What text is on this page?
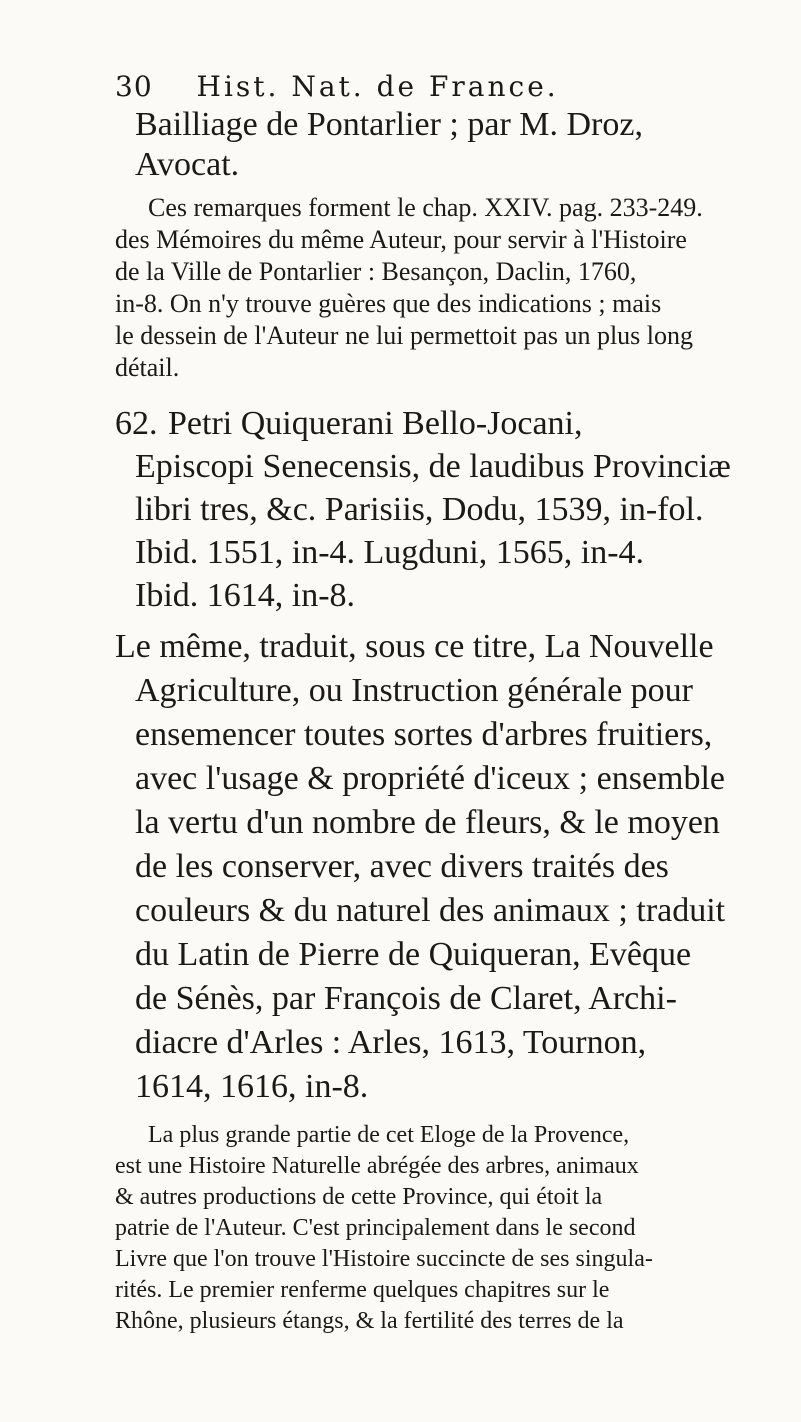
30 Hist. Nat. de France.
Bailliage de Pontarlier ; par M. Droz,
Avocat.
Ces remarques forment le chap. XXIV. pag. 233-249.
des Mémoires du même Auteur, pour servir à l'Histoire
de la Ville de Pontarlier : Besançon, Daclin, 1760,
in-8. On n'y trouve guères que des indications ; mais
le dessein de l'Auteur ne lui permettoit pas un plus long
détail.
62. Petri Quiquerani Bello-Jocani,
Episcopi Senecensis, de laudibus Provinciæ
libri tres, &c. Parisiis, Dodu, 1539, in-fol.
Ibid. 1551, in-4. Lugduni, 1565, in-4.
Ibid. 1614, in-8.
Le même, traduit, sous ce titre, La Nouvelle
Agriculture, ou Instruction générale pour
ensemencer toutes sortes d'arbres fruitiers,
avec l'usage & propriété d'iceux ; ensemble
la vertu d'un nombre de fleurs, & le moyen
de les conserver, avec divers traités des
couleurs & du naturel des animaux ; traduit
du Latin de Pierre de Quiqueran, Evêque
de Sénès, par François de Claret, Archi-
diacre d'Arles : Arles, 1613, Tournon,
1614, 1616, in-8.
La plus grande partie de cet Eloge de la Provence,
est une Histoire Naturelle abrégée des arbres, animaux
& autres productions de cette Province, qui étoit la
patrie de l'Auteur. C'est principalement dans le second
Livre que l'on trouve l'Histoire succincte de ses singula-
rités. Le premier renferme quelques chapitres sur le
Rhône, plusieurs étangs, & la fertilité des terres de la
